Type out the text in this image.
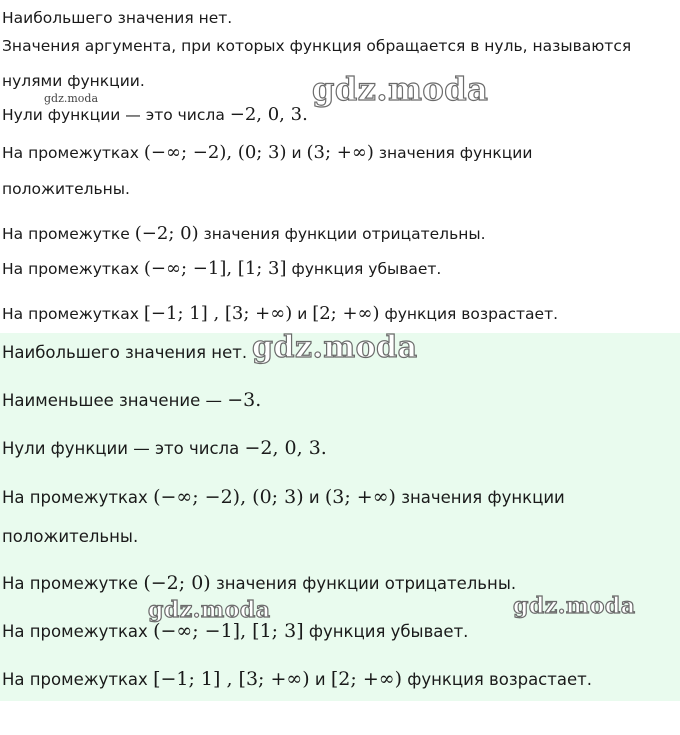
Наибольшего значения нет.
Значения аргумента, при которых функция обращается в нуль, называются
нулями функции.
Нули функции — это числа −2, 0, 3.
На промежутках (−∞; −2), (0; 3) и (3; +∞) значения функции
положительны.
На промежутке (−2; 0) значения функции отрицательны.
На промежутках (−∞; −1], [1; 3] функция убывает.
На промежутках [−1; 1] , [3; +∞) и [2; +∞) функция возрастает.
Наибольшего значения нет.
Наименьшее значение — −3.
Нули функции — это числа −2, 0, 3.
На промежутках (−∞; −2), (0; 3) и (3; +∞) значения функции
положительны.
На промежутке (−2; 0) значения функции отрицательны.
На промежутках (−∞; −1], [1; 3] функция убывает.
На промежутках [−1; 1] , [3; +∞) и [2; +∞) функция возрастает.
gdz.moda
gdz.moda
gdz.moda
gdz.moda	gdz.moda
